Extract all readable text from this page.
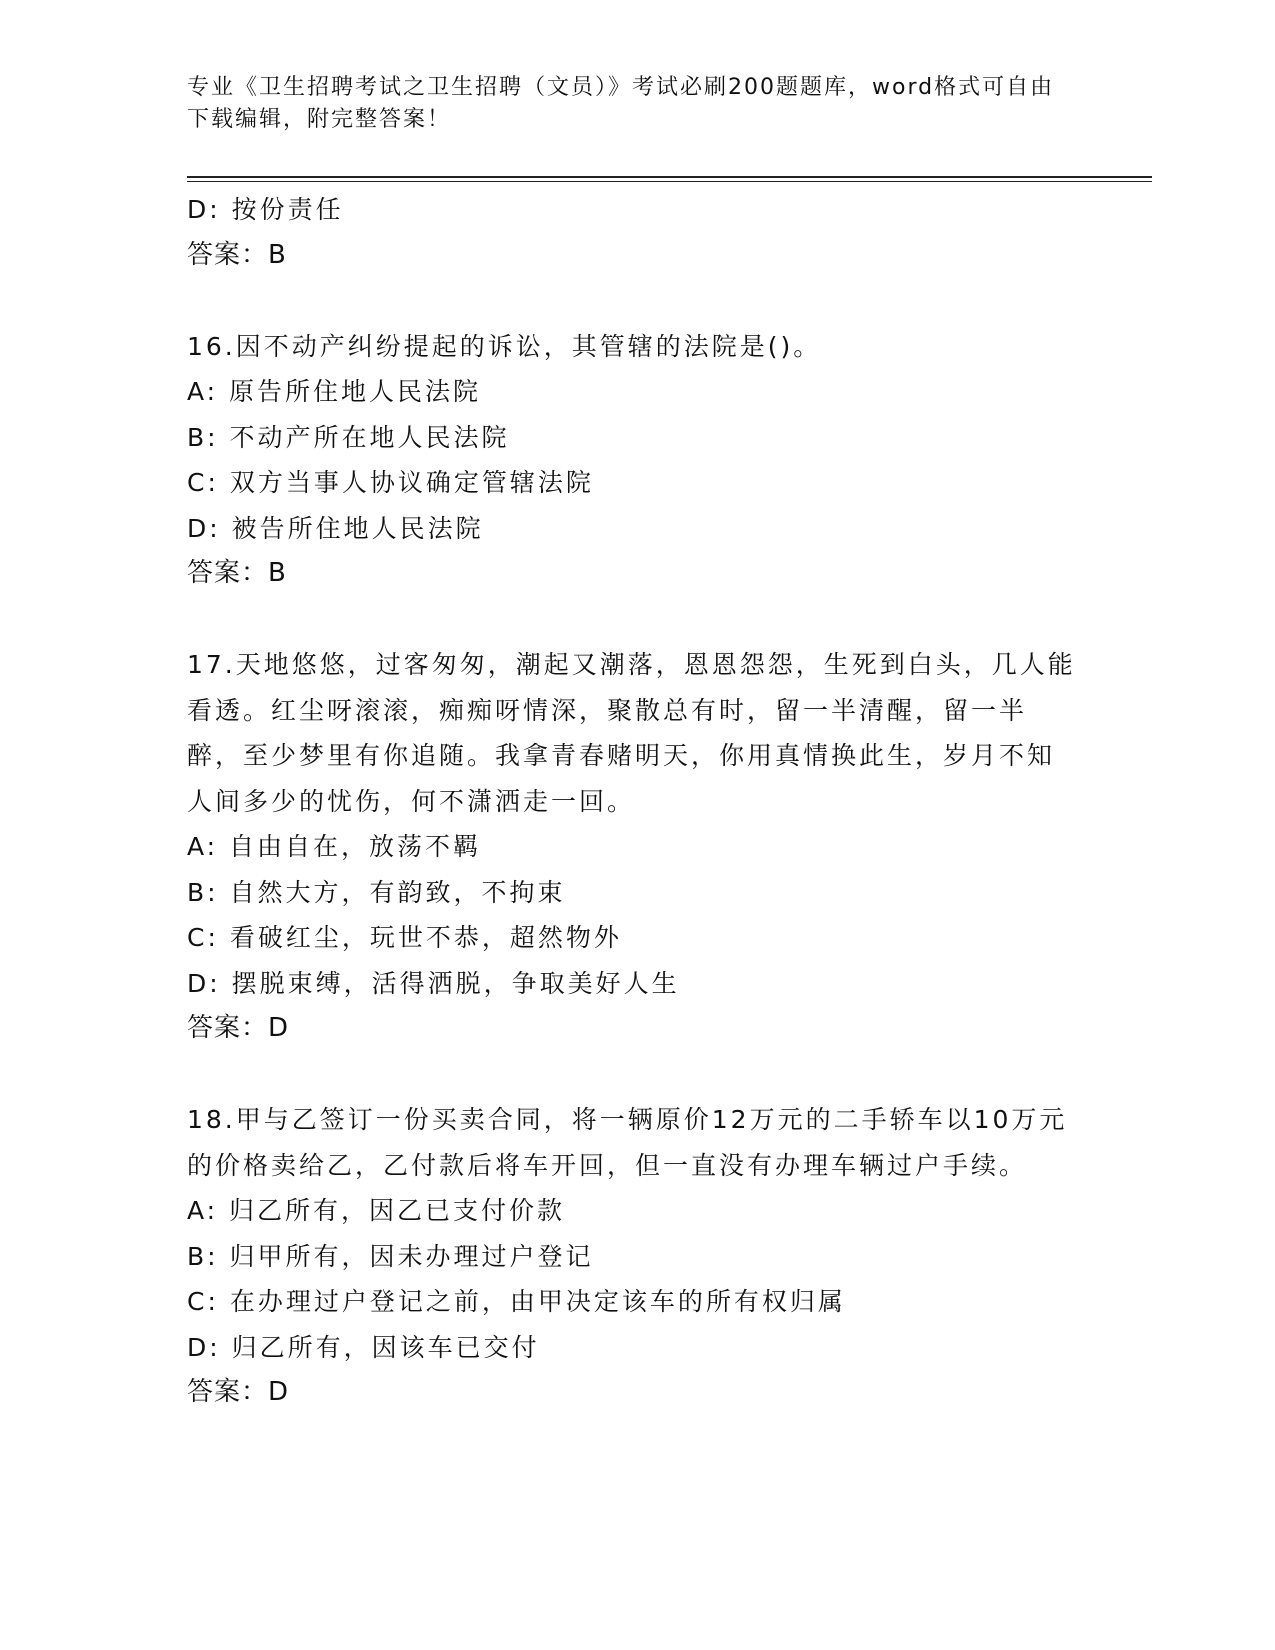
专业《卫生招聘考试之卫生招聘（文员）》考试必刷200题题库，word格式可自由下载编辑，附完整答案！
D: 按份责任
答案：B
16.因不动产纠纷提起的诉讼，其管辖的法院是()。
A: 原告所住地人民法院
B: 不动产所在地人民法院
C: 双方当事人协议确定管辖法院
D: 被告所住地人民法院
答案：B
17.天地悠悠，过客匆匆，潮起又潮落，恩恩怨怨，生死到白头，几人能看透。红尘呀滚滚，痴痴呀情深，聚散总有时，留一半清醒，留一半醉，至少梦里有你追随。我拿青春赌明天，你用真情换此生，岁月不知人间多少的忧伤，何不潇洒走一回。
A: 自由自在，放荡不羁
B: 自然大方，有韵致，不拘束
C: 看破红尘，玩世不恭，超然物外
D: 摆脱束缚，活得洒脱，争取美好人生
答案：D
18.甲与乙签订一份买卖合同，将一辆原价12万元的二手轿车以10万元的价格卖给乙，乙付款后将车开回，但一直没有办理车辆过户手续。
A: 归乙所有，因乙已支付价款
B: 归甲所有，因未办理过户登记
C: 在办理过户登记之前，由甲决定该车的所有权归属
D: 归乙所有，因该车已交付
答案：D
